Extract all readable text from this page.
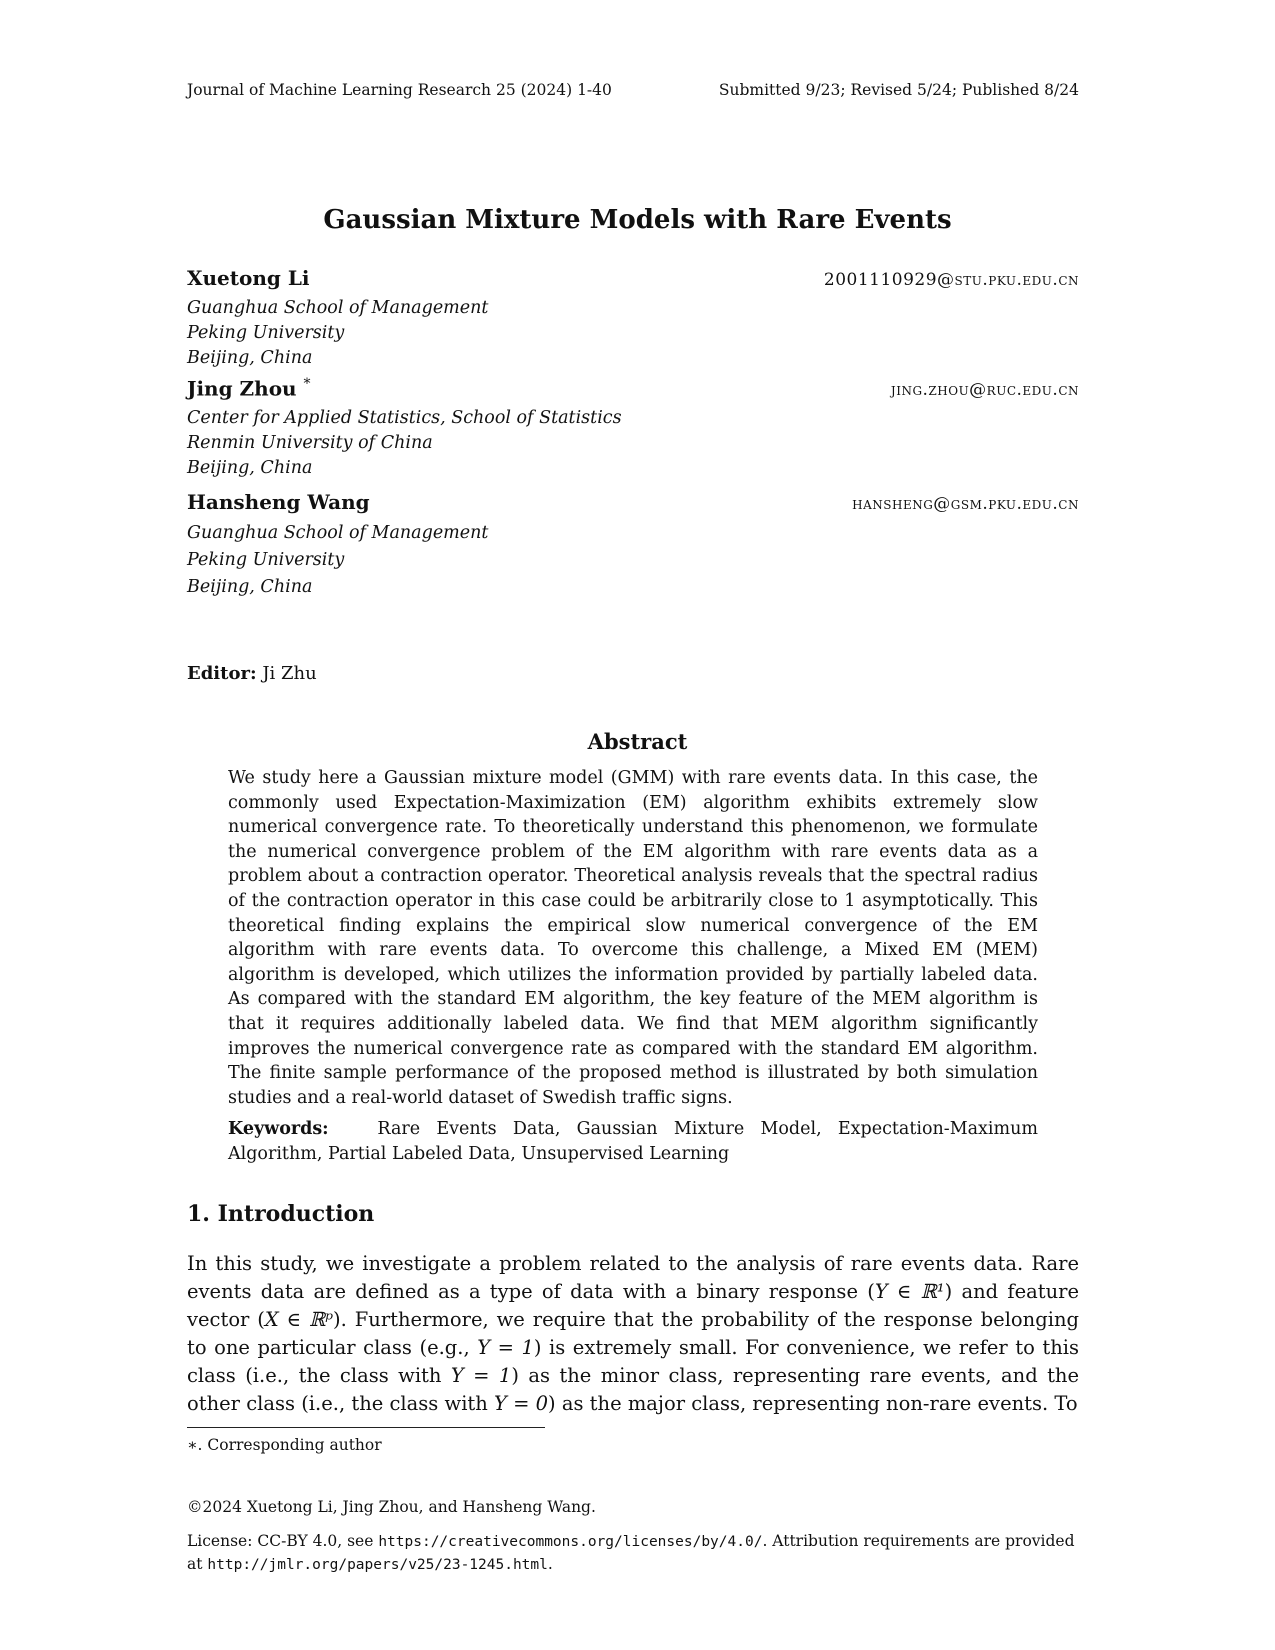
Journal of Machine Learning Research 25 (2024) 1-40	Submitted 9/23; Revised 5/24; Published 8/24
Gaussian Mixture Models with Rare Events
Xuetong Li	2001110929@stu.pku.edu.cn
Guanghua School of Management
Peking University
Beijing, China
Jing Zhou *	jing.zhou@ruc.edu.cn
Center for Applied Statistics, School of Statistics
Renmin University of China
Beijing, China
Hansheng Wang	hansheng@gsm.pku.edu.cn
Guanghua School of Management
Peking University
Beijing, China
Editor: Ji Zhu
Abstract
We study here a Gaussian mixture model (GMM) with rare events data. In this case, the commonly used Expectation-Maximization (EM) algorithm exhibits extremely slow numerical convergence rate. To theoretically understand this phenomenon, we formulate the numerical convergence problem of the EM algorithm with rare events data as a problem about a contraction operator. Theoretical analysis reveals that the spectral radius of the contraction operator in this case could be arbitrarily close to 1 asymptotically. This theoretical finding explains the empirical slow numerical convergence of the EM algorithm with rare events data. To overcome this challenge, a Mixed EM (MEM) algorithm is developed, which utilizes the information provided by partially labeled data. As compared with the standard EM algorithm, the key feature of the MEM algorithm is that it requires additionally labeled data. We find that MEM algorithm significantly improves the numerical convergence rate as compared with the standard EM algorithm. The finite sample performance of the proposed method is illustrated by both simulation studies and a real-world dataset of Swedish traffic signs.
Keywords:	Rare Events Data, Gaussian Mixture Model, Expectation-Maximum Algorithm, Partial Labeled Data, Unsupervised Learning
1. Introduction
In this study, we investigate a problem related to the analysis of rare events data. Rare events data are defined as a type of data with a binary response (Y ∈ ℝ¹) and feature vector (X ∈ ℝᵖ). Furthermore, we require that the probability of the response belonging to one particular class (e.g., Y = 1) is extremely small. For convenience, we refer to this class (i.e., the class with Y = 1) as the minor class, representing rare events, and the other class (i.e., the class with Y = 0) as the major class, representing non-rare events. To
∗. Corresponding author
©2024 Xuetong Li, Jing Zhou, and Hansheng Wang.
License: CC-BY 4.0, see https://creativecommons.org/licenses/by/4.0/. Attribution requirements are provided at http://jmlr.org/papers/v25/23-1245.html.
